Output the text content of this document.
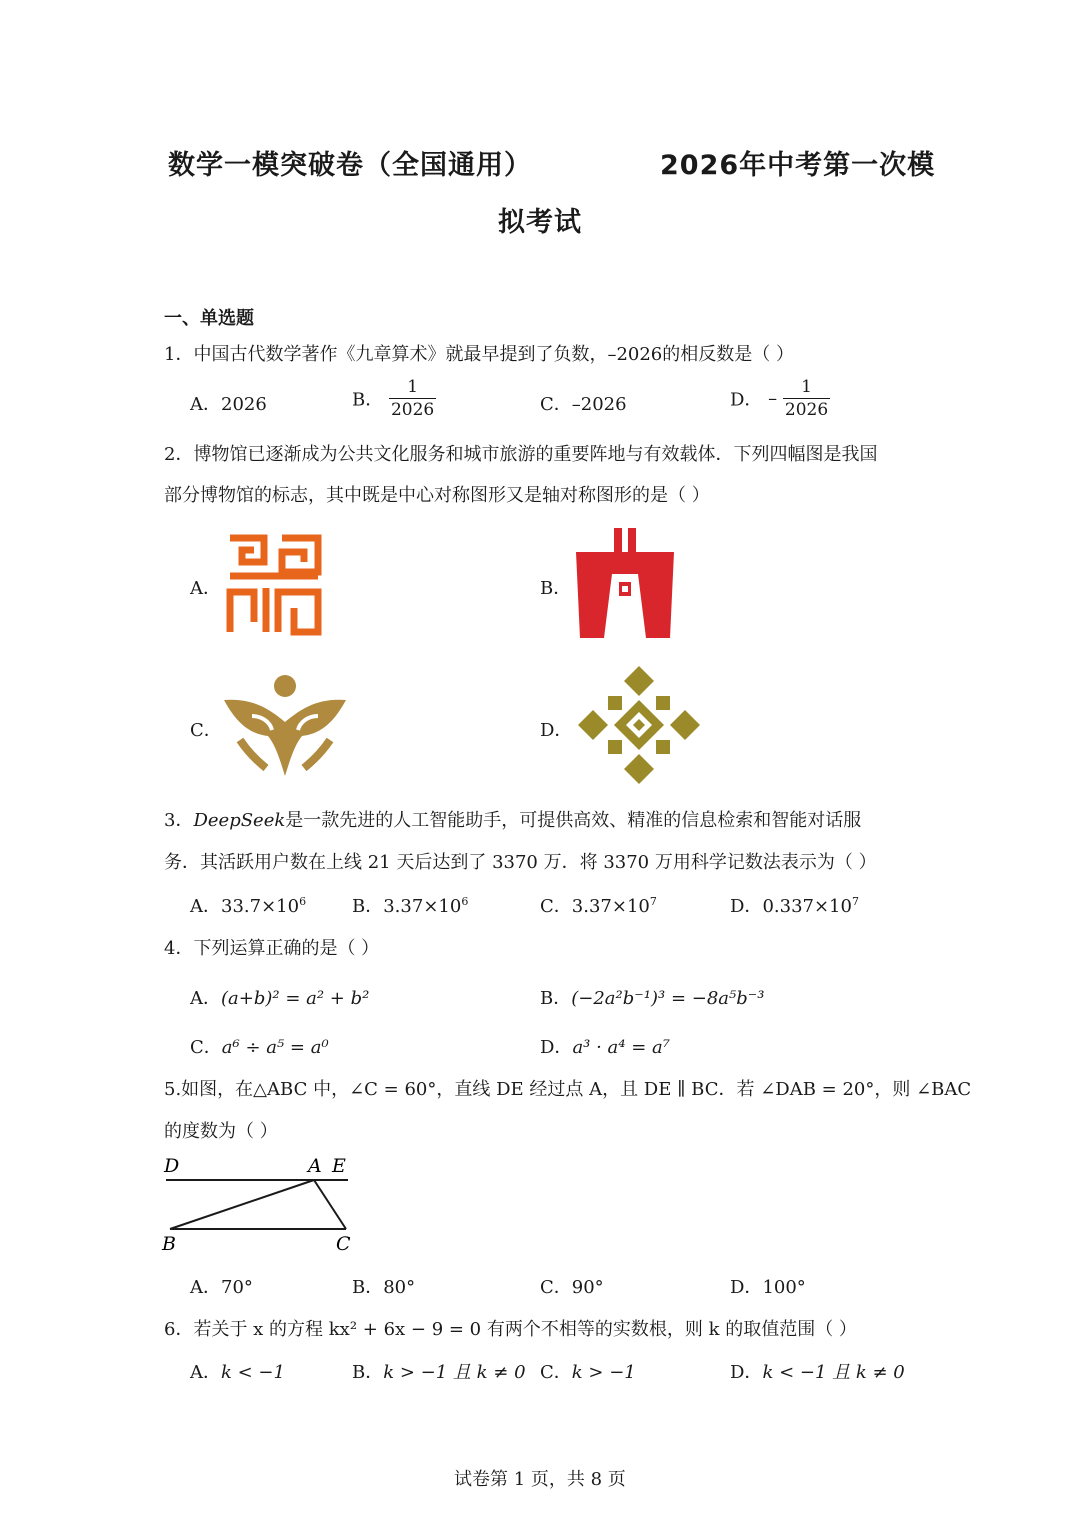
数学一模突破卷（全国通用）	2026年中考第一次模
拟考试
一、单选题
1．中国古代数学著作《九章算术》就最早提到了负数，–2026的相反数是（ ）
A．2026	B． $\frac{1}{2026}$	C．–2026	D． – $\frac{1}{2026}$
2．博物馆已逐渐成为公共文化服务和城市旅游的重要阵地与有效载体．下列四幅图是我国
部分博物馆的标志，其中既是中心对称图形又是轴对称图形的是（ ）
A．	B．
C．	D．
3．DeepSeek是一款先进的人工智能助手，可提供高效、精准的信息检索和智能对话服
务．其活跃用户数在上线 21 天后达到了 3370 万．将 3370 万用科学记数法表示为（ ）
A．$33.7\times 10^6$	B．$3.37\times 10^6$	C．$3.37\times 10^7$	D．$0.337\times 10^7$
4．下列运算正确的是（ ）
A．(a+b)² = a² + b²	B．(−2a²b⁻¹)³ = −8a⁵b⁻³
C．a⁶ ÷ a⁵ = a⁰	D．a³ · a⁴ = a⁷
5.如图，在△ABC 中，∠C = 60°，直线 DE 经过点 A，且 DE ∥ BC．若 ∠DAB = 20°，则 ∠BAC
的度数为（ ）
D	A E
B	C
A．70°	B．80°	C．90°	D．100°
6．若关于 x 的方程 kx² + 6x − 9 = 0 有两个不相等的实数根，则 k 的取值范围（ ）
A．k < −1	B．k > −1 且 k ≠ 0 C．k > −1	D．k < −1 且 k ≠ 0
试卷第 1 页，共 8 页
